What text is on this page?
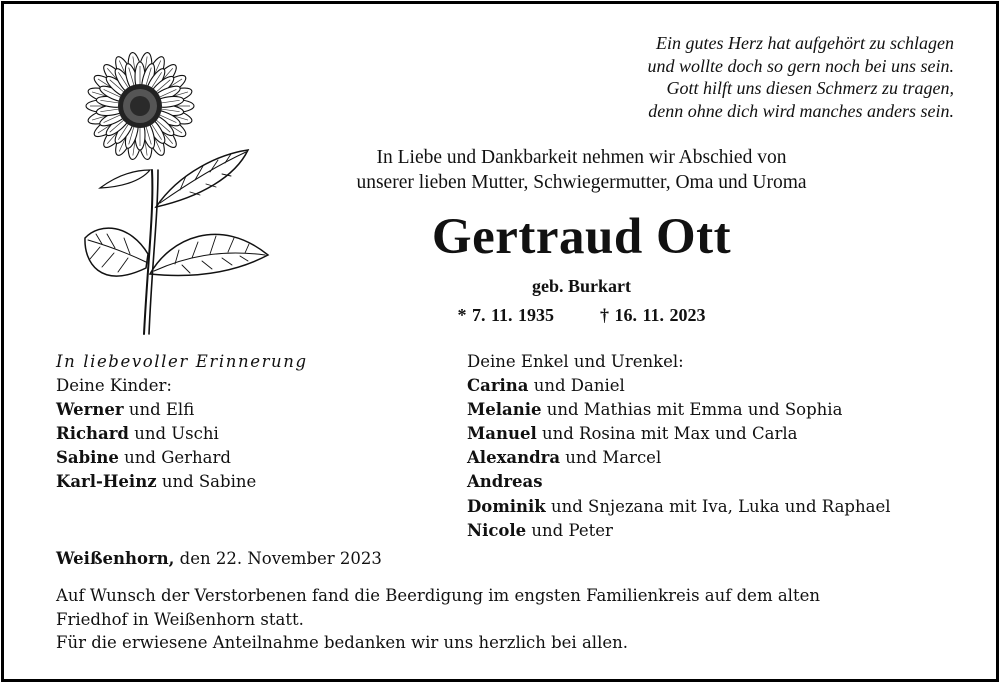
Ein gutes Herz hat aufgehört zu schlagen
und wollte doch so gern noch bei uns sein.
Gott hilft uns diesen Schmerz zu tragen,
denn ohne dich wird manches anders sein.
In Liebe und Dankbarkeit nehmen wir Abschied von
unserer lieben Mutter, Schwiegermutter, Oma und Uroma
Gertraud Ott
geb. Burkart
* 7. 11. 1935	† 16. 11. 2023
In liebevoller Erinnerung
Deine Kinder:
Werner und Elfi
Richard und Uschi
Sabine und Gerhard
Karl-Heinz und Sabine
Deine Enkel und Urenkel:
Carina und Daniel
Melanie und Mathias mit Emma und Sophia
Manuel und Rosina mit Max und Carla
Alexandra und Marcel
Andreas
Dominik und Snjezana mit Iva, Luka und Raphael
Nicole und Peter
Weißenhorn, den 22. November 2023
Auf Wunsch der Verstorbenen fand die Beerdigung im engsten Familienkreis auf dem alten
Friedhof in Weißenhorn statt.
Für die erwiesene Anteilnahme bedanken wir uns herzlich bei allen.
